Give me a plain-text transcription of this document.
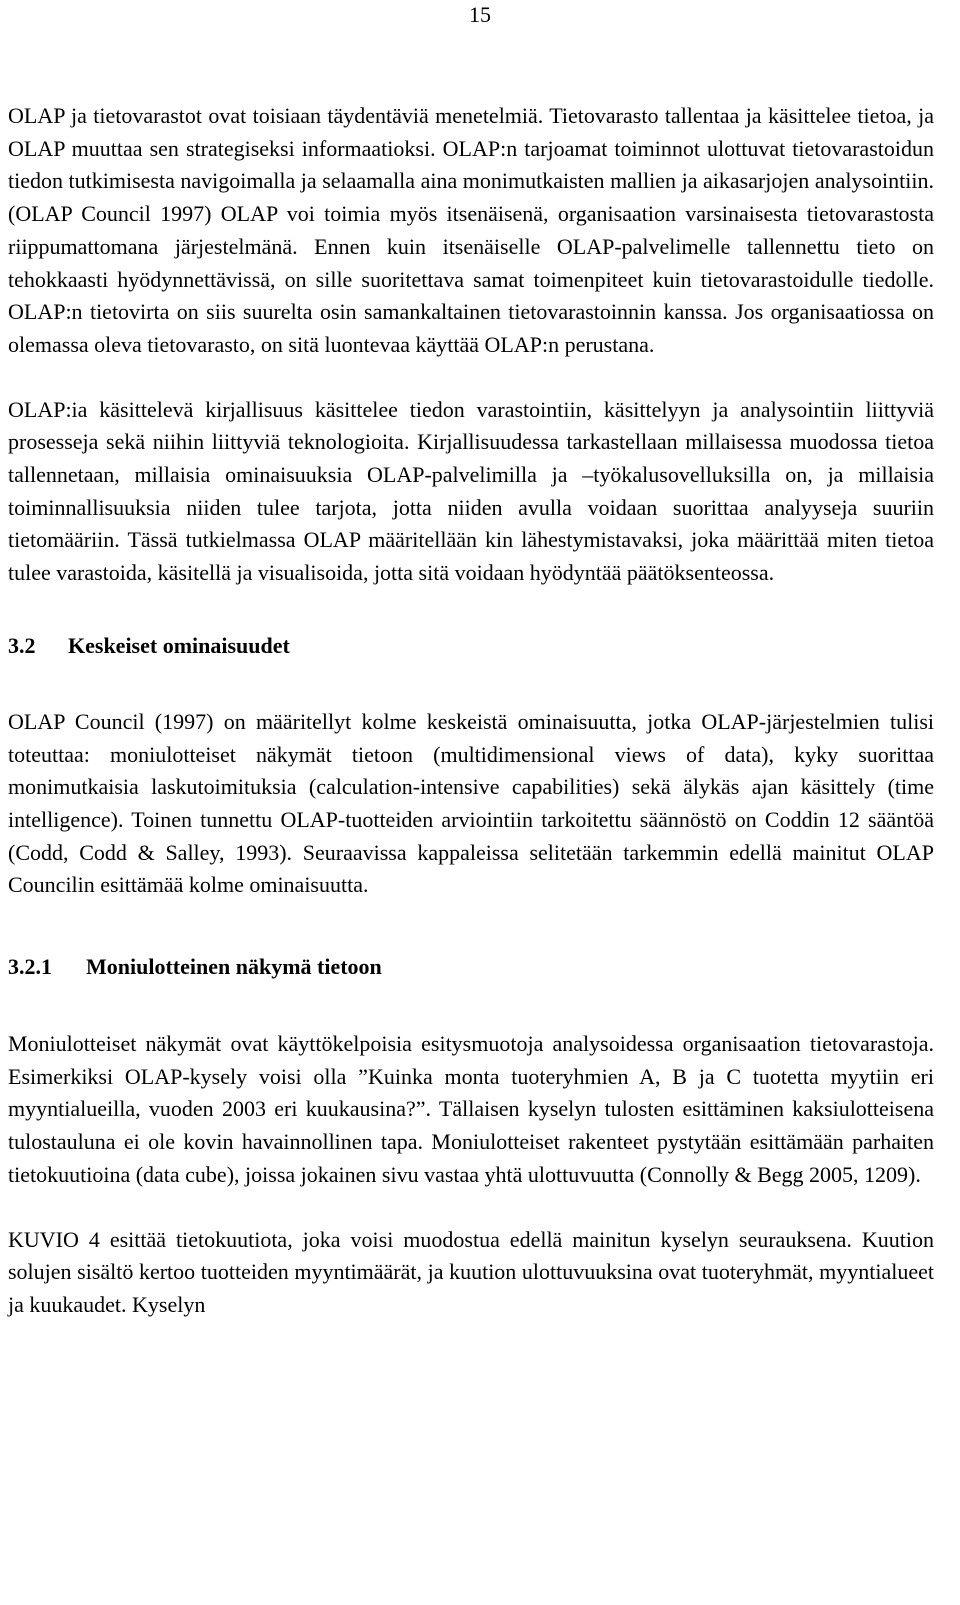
15

OLAP ja tietovarastot ovat toisiaan täydentäviä menetelmiä. Tietovarasto tallentaa ja käsittelee tietoa, ja OLAP muuttaa sen strategiseksi informaatioksi. OLAP:n tarjoamat toiminnot ulottuvat tietovarastoidun tiedon tutkimisesta navigoimalla ja selaamalla aina monimutkaisten mallien ja aikasarjojen analysointiin. (OLAP Council 1997) OLAP voi toimia myös itsenäisenä, organisaation varsinaisesta tietovarastosta riippumattomana järjestelmänä. Ennen kuin itsenäiselle OLAP-palvelimelle tallennettu tieto on tehokkaasti hyödynnettävissä, on sille suoritettava samat toimenpiteet kuin tietovarastoidulle tiedolle. OLAP:n tietovirta on siis suurelta osin samankaltainen tietovarastoinnin kanssa. Jos organisaatiossa on olemassa oleva tietovarasto, on sitä luontevaa käyttää OLAP:n perustana.

OLAP:ia käsittelevä kirjallisuus käsittelee tiedon varastointiin, käsittelyyn ja analysointiin liittyviä prosesseja sekä niihin liittyviä teknologioita. Kirjallisuudessa tarkastellaan millaisessa muodossa tietoa tallennetaan, millaisia ominaisuuksia OLAP-palvelimilla ja –työkalusovelluksilla on, ja millaisia toiminnallisuuksia niiden tulee tarjota, jotta niiden avulla voidaan suorittaa analyyseja suuriin tietomääriin. Tässä tutkielmassa OLAP määritellään kin lähestymistavaksi, joka määrittää miten tietoa tulee varastoida, käsitellä ja visualisoida, jotta sitä voidaan hyödyntää päätöksenteossa.

3.2 Keskeiset ominaisuudet

OLAP Council (1997) on määritellyt kolme keskeistä ominaisuutta, jotka OLAP-järjestelmien tulisi toteuttaa: moniulotteiset näkymät tietoon (multidimensional views of data), kyky suorittaa monimutkaisia laskutoimituksia (calculation-intensive capabilities) sekä älykäs ajan käsittely (time intelligence). Toinen tunnettu OLAP-tuotteiden arviointiin tarkoitettu säännöstö on Coddin 12 sääntöä (Codd, Codd & Salley, 1993). Seuraavissa kappaleissa selitetään tarkemmin edellä mainitut OLAP Councilin esittämää kolme ominaisuutta.

3.2.1 Moniulotteinen näkymä tietoon

Moniulotteiset näkymät ovat käyttökelpoisia esitysmuotoja analysoidessa organisaation tietovarastoja. Esimerkiksi OLAP-kysely voisi olla ”Kuinka monta tuoteryhmien A, B ja C tuotetta myytiin eri myyntialueilla, vuoden 2003 eri kuukausina?”. Tällaisen kyselyn tulosten esittäminen kaksiulotteisena tulostauluna ei ole kovin havainnollinen tapa. Moniulotteiset rakenteet pystytään esittämään parhaiten tietokuutioina (data cube), joissa jokainen sivu vastaa yhtä ulottuvuutta (Connolly & Begg 2005, 1209).

KUVIO 4 esittää tietokuutiota, joka voisi muodostua edellä mainitun kyselyn seurauksena. Kuution solujen sisältö kertoo tuotteiden myyntimäärät, ja kuution ulottuvuuksina ovat tuoteryhmät, myyntialueet ja kuukaudet. Kyselyn
